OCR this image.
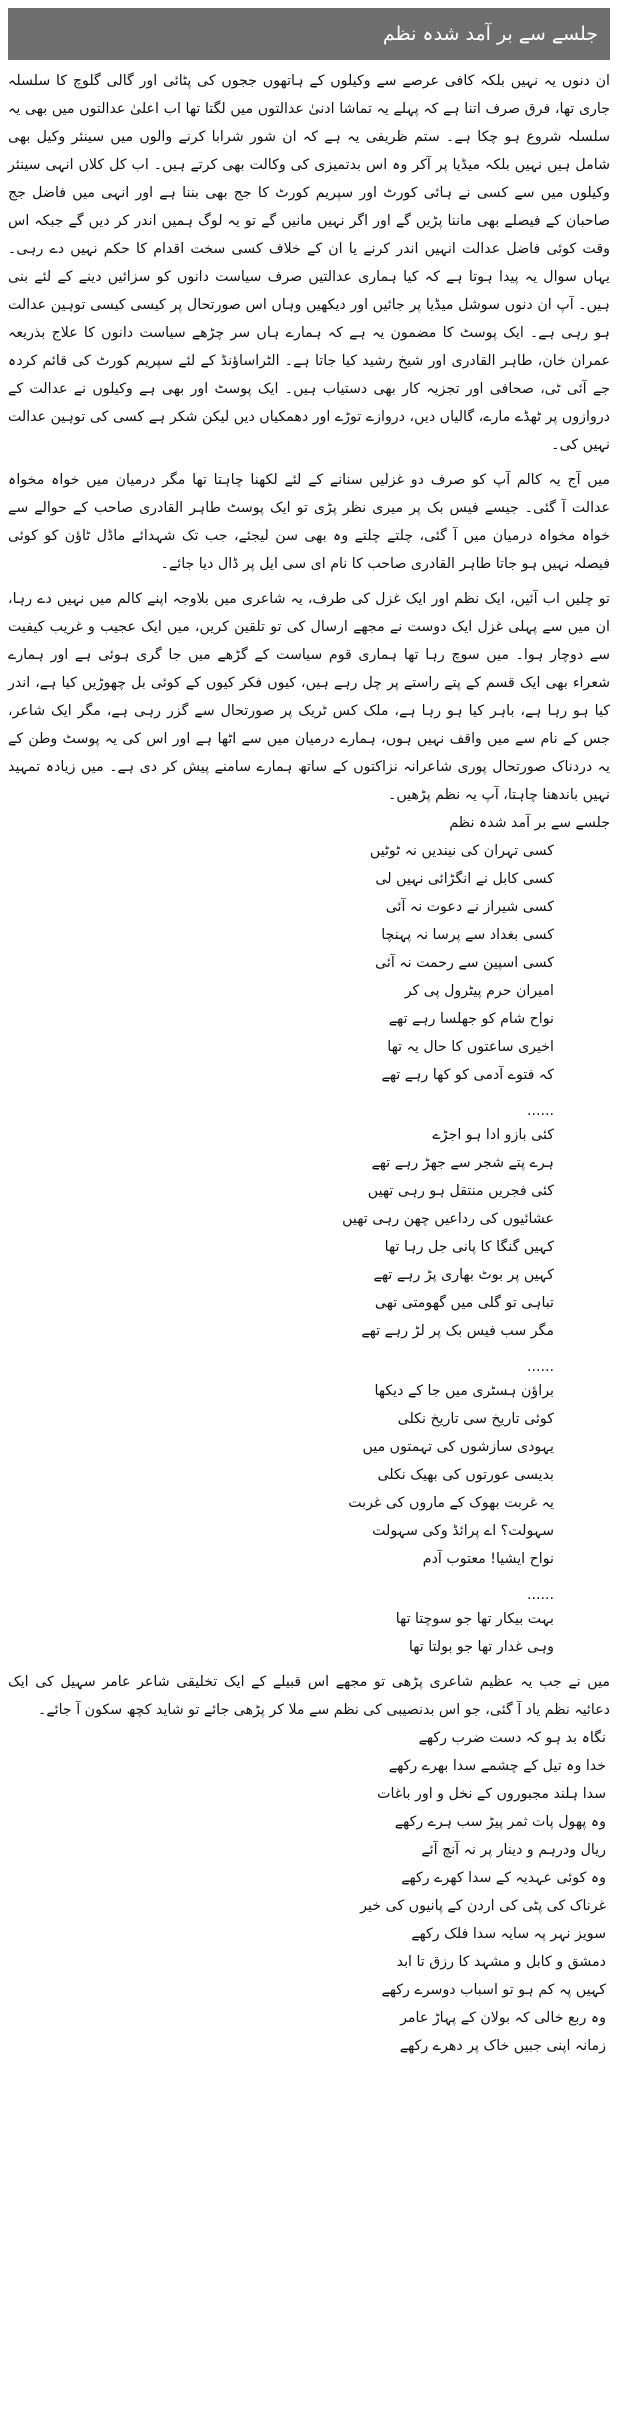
جلسے سے بر آمد شدہ نظم

ان دنوں یہ نہیں بلکہ کافی عرصے سے وکیلوں کے ہاتھوں ججوں کی پٹائی اور گالی گلوچ کا سلسلہ جاری تھا، فرق صرف اتنا ہے کہ پہلے یہ تماشا ادنیٰ عدالتوں میں لگتا تھا اب اعلیٰ عدالتوں میں بھی یہ سلسلہ شروع ہو چکا ہے۔ ستم ظریفی یہ ہے کہ ان شور شرابا کرنے والوں میں سینئر وکیل بھی شامل ہیں نہیں بلکہ میڈیا پر آکر وہ اس بدتمیزی کی وکالت بھی کرتے ہیں۔ اب کل کلاں انہی سینئر وکیلوں میں سے کسی نے ہائی کورٹ اور سپریم کورٹ کا جج بھی بننا ہے اور انہی میں فاضل جج صاحبان کے فیصلے بھی ماننا پڑیں گے اور اگر نہیں مانیں گے تو یہ لوگ ہمیں اندر کر دیں گے جبکہ اس وقت کوئی فاضل عدالت انہیں اندر کرنے یا ان کے خلاف کسی سخت اقدام کا حکم نہیں دے رہی۔ یہاں سوال یہ پیدا ہوتا ہے کہ کیا ہماری عدالتیں صرف سیاست دانوں کو سزائیں دینے کے لئے بنی ہیں۔ آپ ان دنوں سوشل میڈیا پر جائیں اور دیکھیں وہاں اس صورتحال پر کیسی کیسی توہین عدالت ہو رہی ہے۔ ایک پوسٹ کا مضمون یہ ہے کہ ہمارے ہاں سر چڑھے سیاست دانوں کا علاج بذریعہ عمران خان، طاہر القادری اور شیخ رشید کیا جاتا ہے۔ الٹراساؤنڈ کے لئے سپریم کورٹ کی قائم کردہ جے آئی ٹی، صحافی اور تجزیہ کار بھی دستیاب ہیں۔ ایک پوسٹ اور بھی ہے وکیلوں نے عدالت کے دروازوں پر ٹھڈے مارے، گالیاں دیں، دروازے توڑے اور دھمکیاں دیں لیکن شکر ہے کسی کی توہین عدالت نہیں کی۔

میں آج یہ کالم آپ کو صرف دو غزلیں سنانے کے لئے لکھنا چاہتا تھا مگر درمیان میں خواہ مخواہ عدالت آ گئی۔ جیسے فیس بک پر میری نظر پڑی تو ایک پوسٹ طاہر القادری صاحب کے حوالے سے خواہ مخواہ درمیان میں آ گئی، چلتے چلتے وہ بھی سن لیجئے، جب تک شہدائے ماڈل ٹاؤن کو کوئی فیصلہ نہیں ہو جاتا طاہر القادری صاحب کا نام ای سی ایل پر ڈال دیا جائے۔

تو چلیں اب آئیں، ایک نظم اور ایک غزل کی طرف، یہ شاعری میں بلاوجہ اپنے کالم میں نہیں دے رہا، ان میں سے پہلی غزل ایک دوست نے مجھے ارسال کی تو تلقین کریں، میں ایک عجیب و غریب کیفیت سے دوچار ہوا۔ میں سوچ رہا تھا ہماری قوم سیاست کے گڑھے میں جا گری ہوئی ہے اور ہمارے شعراء بھی ایک قسم کے پتے راستے پر چل رہے ہیں، کیوں فکر کیوں کے کوئی بل چھوڑیں کیا ہے، اندر کیا ہو رہا ہے، باہر کیا ہو رہا ہے، ملک کس ٹریک پر صورتحال سے گزر رہی ہے، مگر ایک شاعر، جس کے نام سے میں واقف نہیں ہوں، ہمارے درمیان میں سے اٹھا ہے اور اس کی یہ پوسٹ وطن کے یہ دردناک صورتحال پوری شاعرانہ نزاکتوں کے ساتھ ہمارے سامنے پیش کر دی ہے۔ میں زیادہ تمہید نہیں باندھنا چاہتا، آپ یہ نظم پڑھیں۔

جلسے سے بر آمد شدہ نظم

کسی تہران کی نیندیں نہ ٹوٹیں
کسی کابل نے انگڑائی نہیں لی
کسی شیراز نے دعوت نہ آئی
کسی بغداد سے پرسا نہ پہنچا
کسی اسپین سے رحمت نہ آئی
امیران حرم پیٹرول پی کر
نواح شام کو جھلسا رہے تھے
اخیری ساعتوں کا حال یہ تھا
کہ فتوے آدمی کو کھا رہے تھے
......
کئی بازو ادا ہو اجڑے
ہرے پتے شجر سے جھڑ رہے تھے
کئی فجریں منتقل ہو رہی تھیں
عشائیوں کی رداعیں چھن رہی تھیں
کہیں گنگا کا پانی جل رہا تھا
کہیں پر بوٹ بھاری پڑ رہے تھے
تباہی تو گلی میں گھومتی تھی
مگر سب فیس بک پر لڑ رہے تھے
......
براؤن ہسٹری میں جا کے دیکھا
کوئی تاریخ سی تاریخ نکلی
یہودی سازشوں کی تہمتوں میں
بدیسی عورتوں کی بھیک نکلی
یہ غربت بھوک کے ماروں کی غربت
سہولت؟ اے پرائڈ وکی سہولت
نواح ایشیا! معتوب آدم
......
بہت بیکار تھا جو سوچتا تھا
وہی غدار تھا جو بولتا تھا

میں نے جب یہ عظیم شاعری پڑھی تو مجھے اس قبیلے کے ایک تخلیقی شاعر عامر سہیل کی ایک دعائیہ نظم یاد آ گئی، جو اس بدنصیبی کی نظم سے ملا کر پڑھی جائے تو شاید کچھ سکون آ جائے۔

نگاہ بد ہو کہ دست ضرب رکھے
خدا وہ تیل کے چشمے سدا بھرے رکھے
سدا ہلند مجبوروں کے نخل و اور باغات
وہ پھول پات ثمر پیڑ سب ہرے رکھے
ریال ودرہم و دینار پر نہ آنچ آئے
وہ کوئی عہدیہ کے سدا کھرے رکھے
غرناک کی پٹی کی اردن کے پانیوں کی خیر
سویز نہر پہ سایہ سدا فلک رکھے
دمشق و کابل و مشہد کا رزق تا ابد
کہیں پہ کم ہو تو اسباب دوسرے رکھے
وہ ربع خالی کہ بولان کے پہاڑ عامر
زمانہ اپنی جبیں خاک پر دھرے رکھے
